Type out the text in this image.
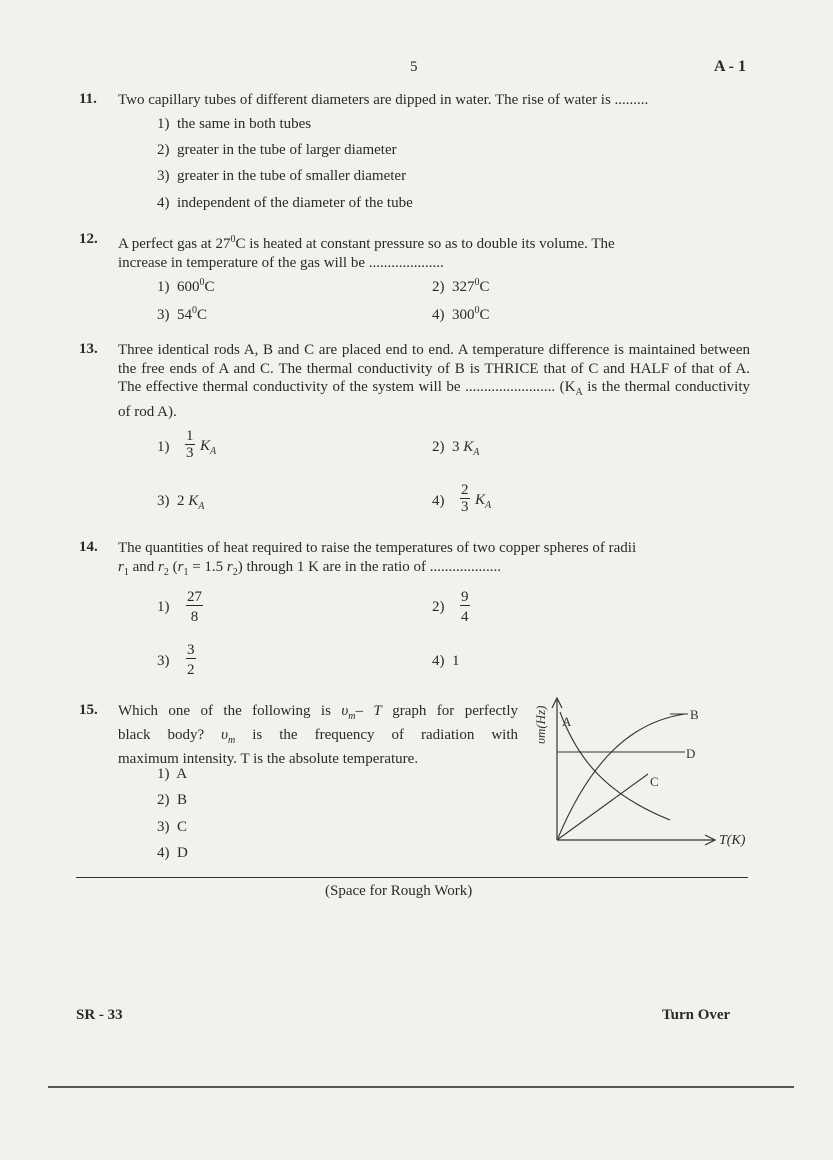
5	A - 1
11. Two capillary tubes of different diameters are dipped in water. The rise of water is .........
1) the same in both tubes
2) greater in the tube of larger diameter
3) greater in the tube of smaller diameter
4) independent of the diameter of the tube
12. A perfect gas at $27^0C$ is heated at constant pressure so as to double its volume. The
increase in temperature of the gas will be ....................
1) $600^0C$	2) $327^0C$
3) $54^0C$	4) $300^0C$
13. Three identical rods A, B and C are placed end to end. A temperature difference is maintained between the free ends of A and C. The thermal conductivity of B is THRICE that of C and HALF of that of A. The effective thermal conductivity of the system will be ........................ ($K_A$ is the thermal conductivity of rod A).
$1) \frac{1}{3} K_A$	2) 3 $K_A$
3) 2 $K_A$	$4) \frac{2}{3} K_A$
14. The quantities of heat required to raise the temperatures of two copper spheres of radii
$r_1$ and $r_2$ ($r_1 = 1.5$ $r_2$) through 1 K are in the ratio of ...................
$1) \frac{27}{8}$	$2) \frac{9}{4}$
$3) \frac{3}{2}$	4) 1
15. Which one of the following is $\upsilon_m-$ T graph for perfectly
black body? $\upsilon_m$ is the frequency of radiation with
maximum intensity. T is the absolute temperature.
1) A
2) B
3) C
4) D
υm(Hz) A	B
C
D
T(K)
(Space for Rough Work)
SR - 33	Turn Over
